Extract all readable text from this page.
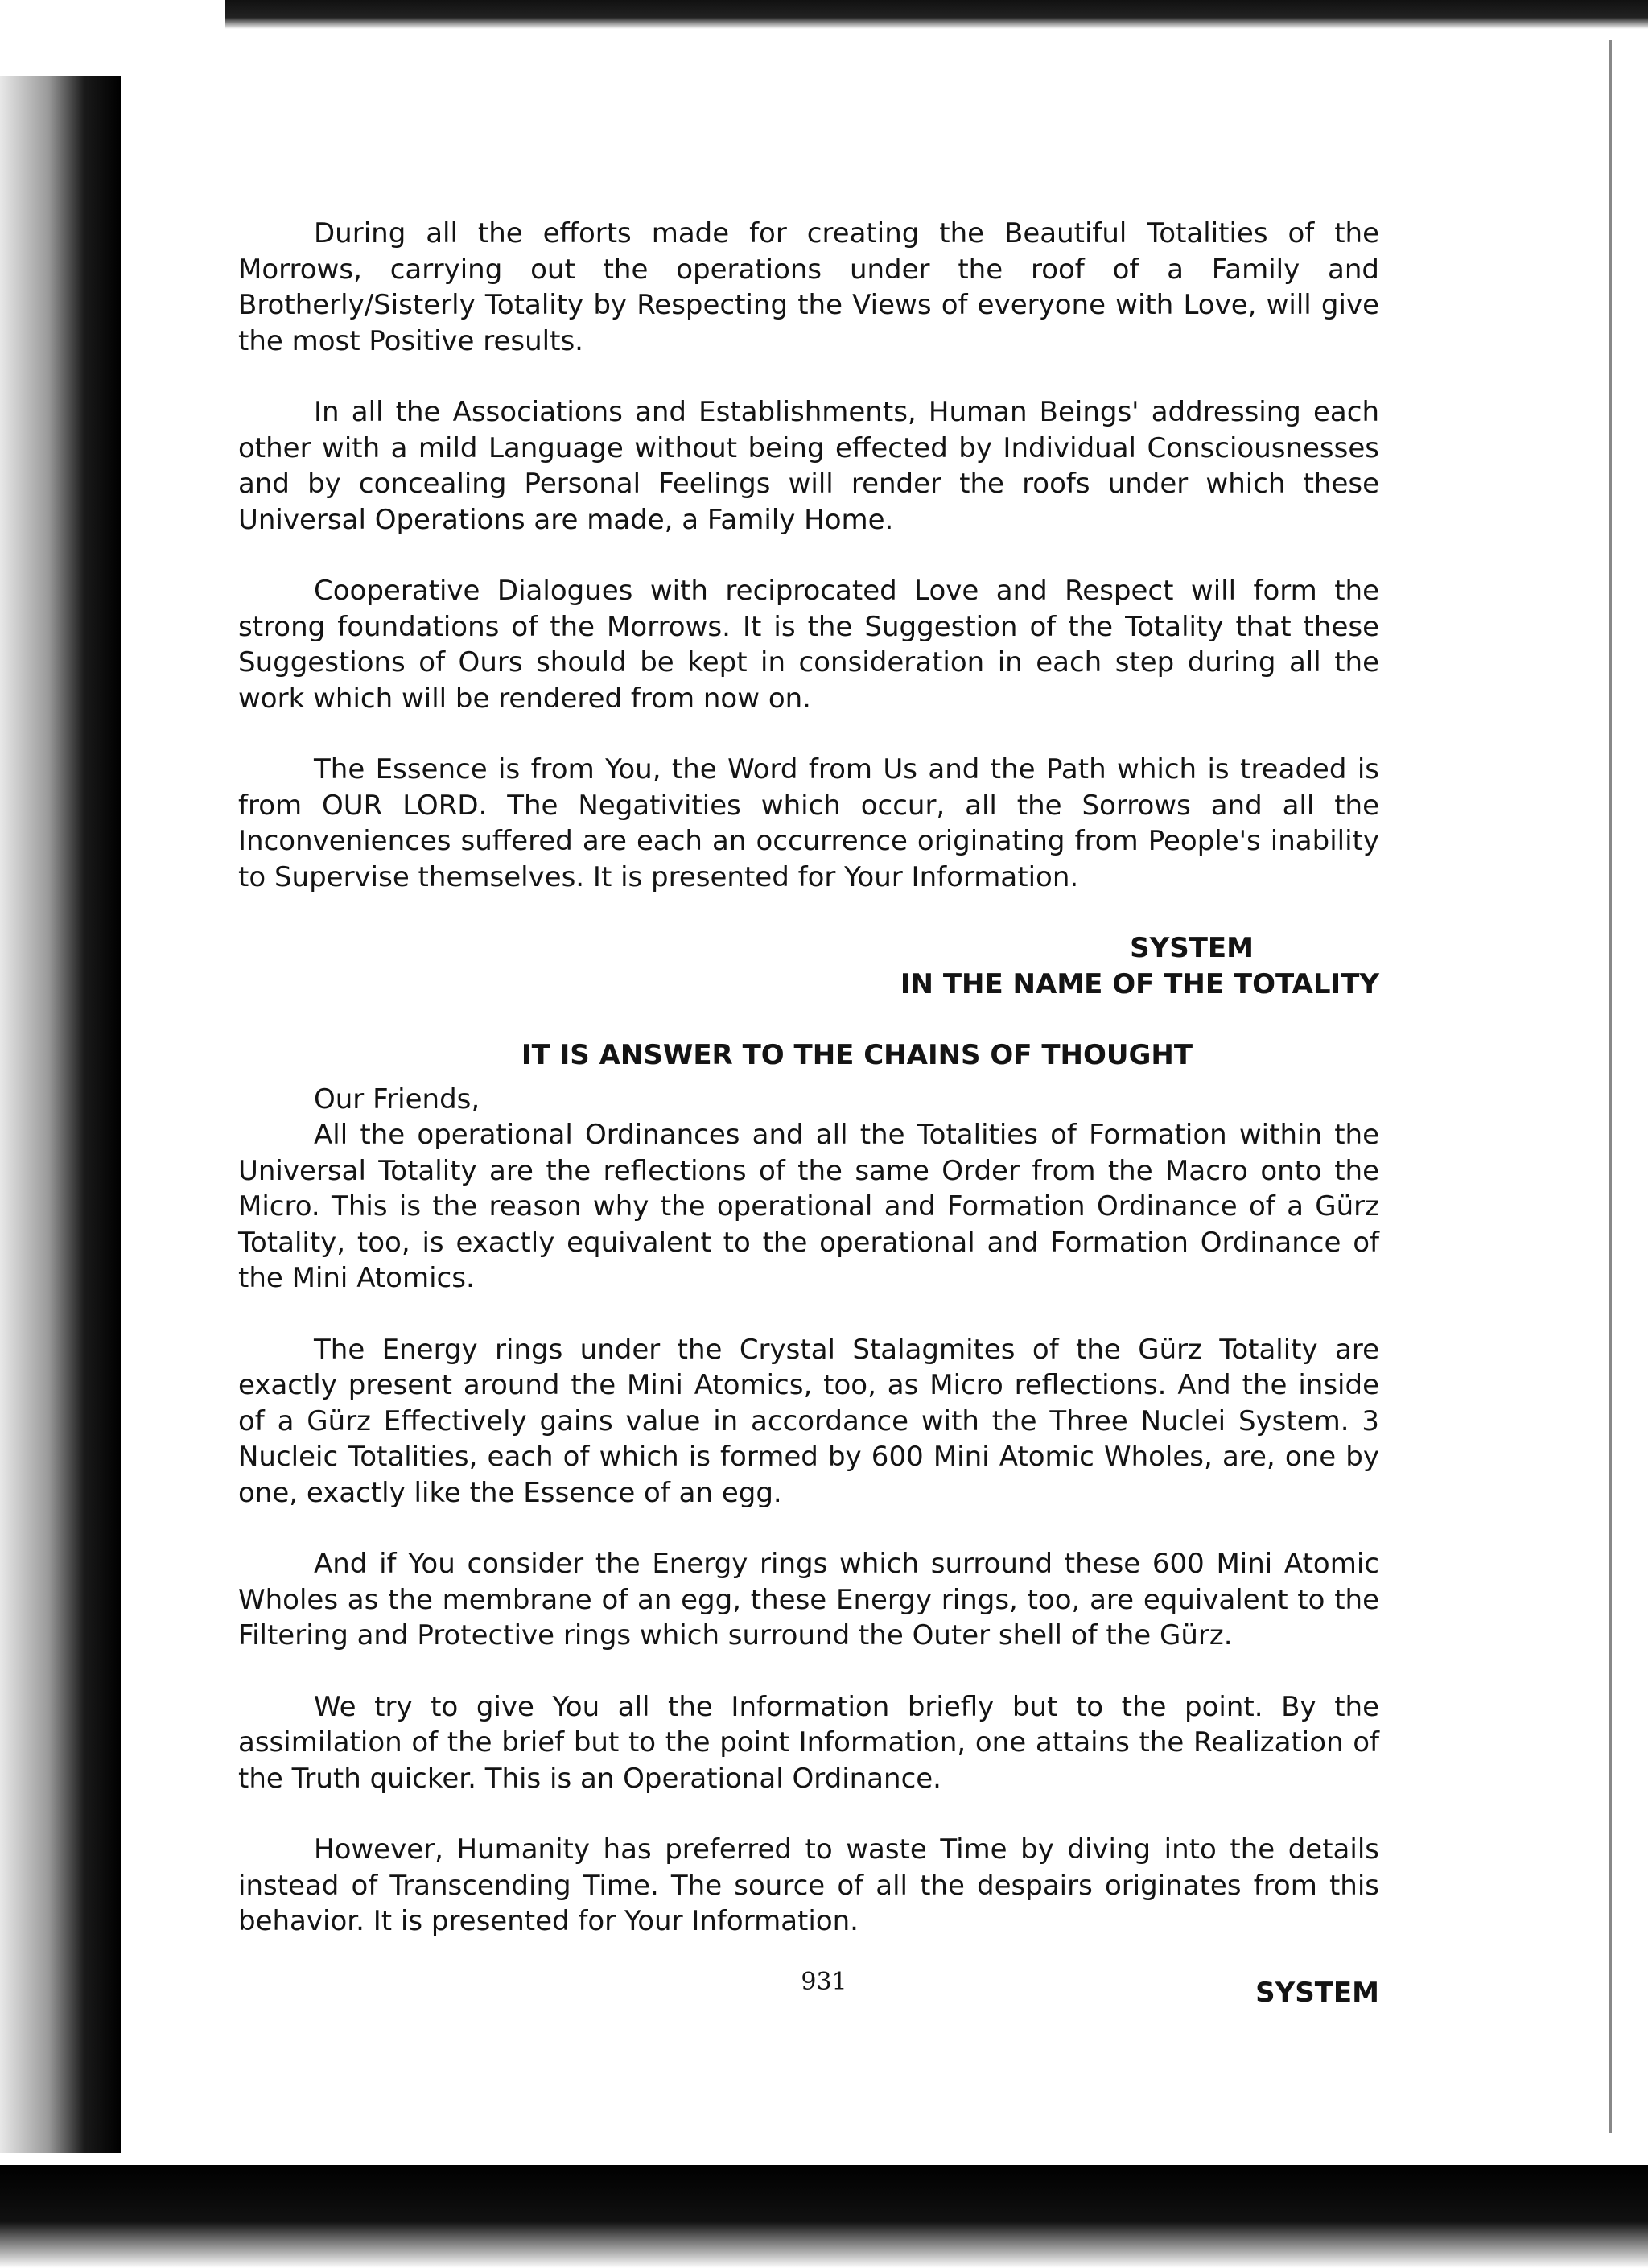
During all the efforts made for creating the Beautiful Totalities of the Morrows, carrying out the operations under the roof of a Family and Brotherly/Sisterly Totality by Respecting the Views of everyone with Love, will give the most Positive results.

In all the Associations and Establishments, Human Beings' addressing each other with a mild Language without being effected by Individual Consciousnesses and by concealing Personal Feelings will render the roofs under which these Universal Operations are made, a Family Home.

Cooperative Dialogues with reciprocated Love and Respect will form the strong foundations of the Morrows. It is the Suggestion of the Totality that these Suggestions of Ours should be kept in consideration in each step during all the work which will be rendered from now on.

The Essence is from You, the Word from Us and the Path which is treaded is from OUR LORD. The Negativities which occur, all the Sorrows and all the Inconveniences suffered are each an occurrence originating from People's inability to Supervise themselves. It is presented for Your Information.

SYSTEM

IN THE NAME OF THE TOTALITY

IT IS ANSWER TO THE CHAINS OF THOUGHT

Our Friends,

All the operational Ordinances and all the Totalities of Formation within the Universal Totality are the reflections of the same Order from the Macro onto the Micro. This is the reason why the operational and Formation Ordinance of a Gürz Totality, too, is exactly equivalent to the operational and Formation Ordinance of the Mini Atomics.

The Energy rings under the Crystal Stalagmites of the Gürz Totality are exactly present around the Mini Atomics, too, as Micro reflections. And the inside of a Gürz Effectively gains value in accordance with the Three Nuclei System. 3 Nucleic Totalities, each of which is formed by 600 Mini Atomic Wholes, are, one by one, exactly like the Essence of an egg.

And if You consider the Energy rings which surround these 600 Mini Atomic Wholes as the membrane of an egg, these Energy rings, too, are equivalent to the Filtering and Protective rings which surround the Outer shell of the Gürz.

We try to give You all the Information briefly but to the point. By the assimilation of the brief but to the point Information, one attains the Realization of the Truth quicker. This is an Operational Ordinance.

However, Humanity has preferred to waste Time by diving into the details instead of Transcending Time. The source of all the despairs originates from this behavior. It is presented for Your Information.

SYSTEM

931
